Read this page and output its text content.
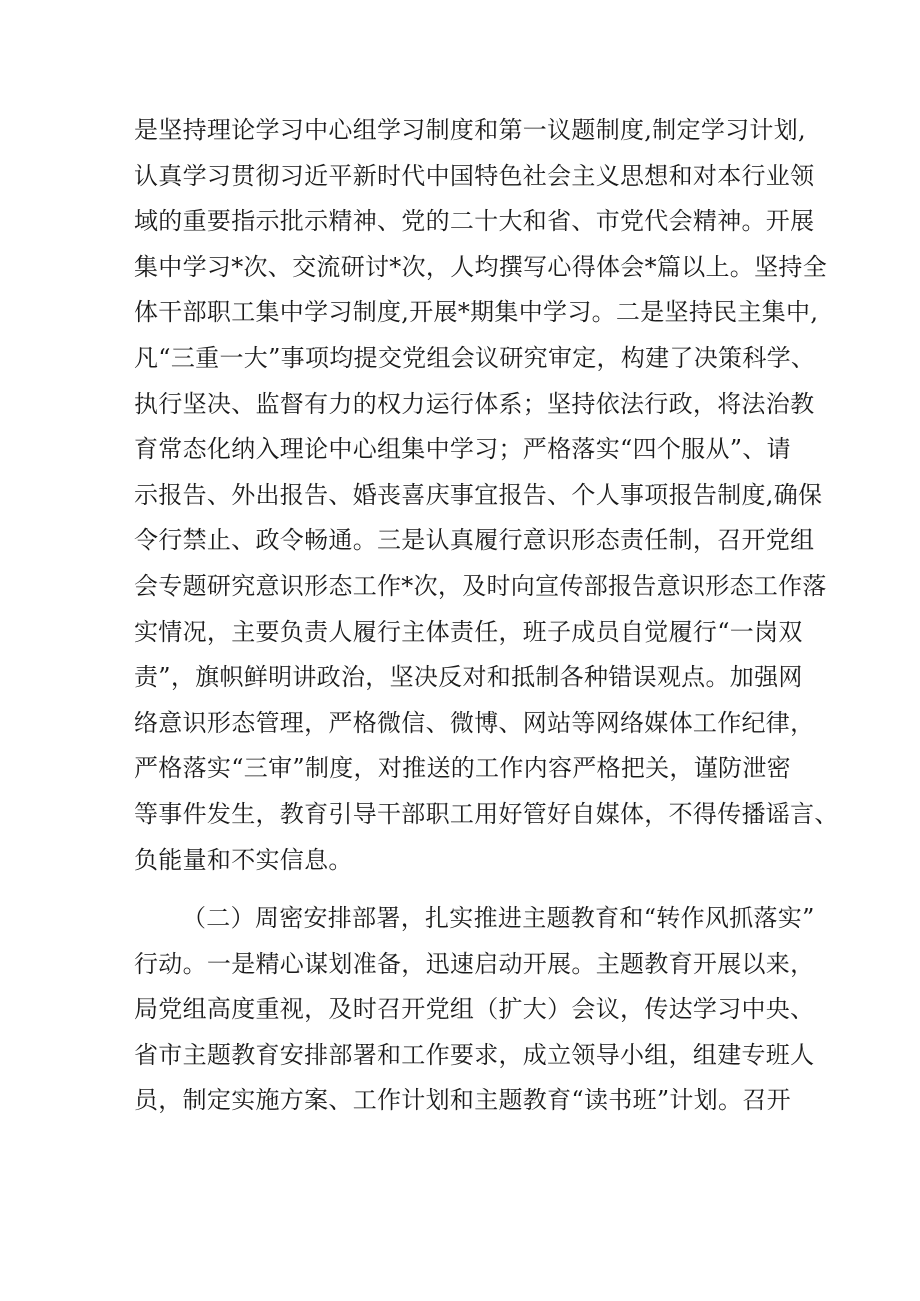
是坚持理论学习中心组学习制度和第一议题制度,制定学习计划,
认真学习贯彻习近平新时代中国特色社会主义思想和对本行业领
域的重要指示批示精神、党的二十大和省、市党代会精神。开展
集中学习*次、交流研讨*次，人均撰写心得体会*篇以上。坚持全
体干部职工集中学习制度,开展*期集中学习。二是坚持民主集中,
凡“三重一大”事项均提交党组会议研究审定，构建了决策科学、
执行坚决、监督有力的权力运行体系；坚持依法行政，将法治教
育常态化纳入理论中心组集中学习；严格落实“四个服从”、请
示报告、外出报告、婚丧喜庆事宜报告、个人事项报告制度,确保
令行禁止、政令畅通。三是认真履行意识形态责任制，召开党组
会专题研究意识形态工作*次，及时向宣传部报告意识形态工作落
实情况，主要负责人履行主体责任，班子成员自觉履行“一岗双
责”，旗帜鲜明讲政治，坚决反对和抵制各种错误观点。加强网
络意识形态管理，严格微信、微博、网站等网络媒体工作纪律，
严格落实“三审”制度，对推送的工作内容严格把关，谨防泄密
等事件发生，教育引导干部职工用好管好自媒体，不得传播谣言、
负能量和不实信息。
（二）周密安排部署，扎实推进主题教育和“转作风抓落实”
行动。一是精心谋划准备，迅速启动开展。主题教育开展以来，
局党组高度重视，及时召开党组（扩大）会议，传达学习中央、
省市主题教育安排部署和工作要求，成立领导小组，组建专班人
员，制定实施方案、工作计划和主题教育“读书班”计划。召开
